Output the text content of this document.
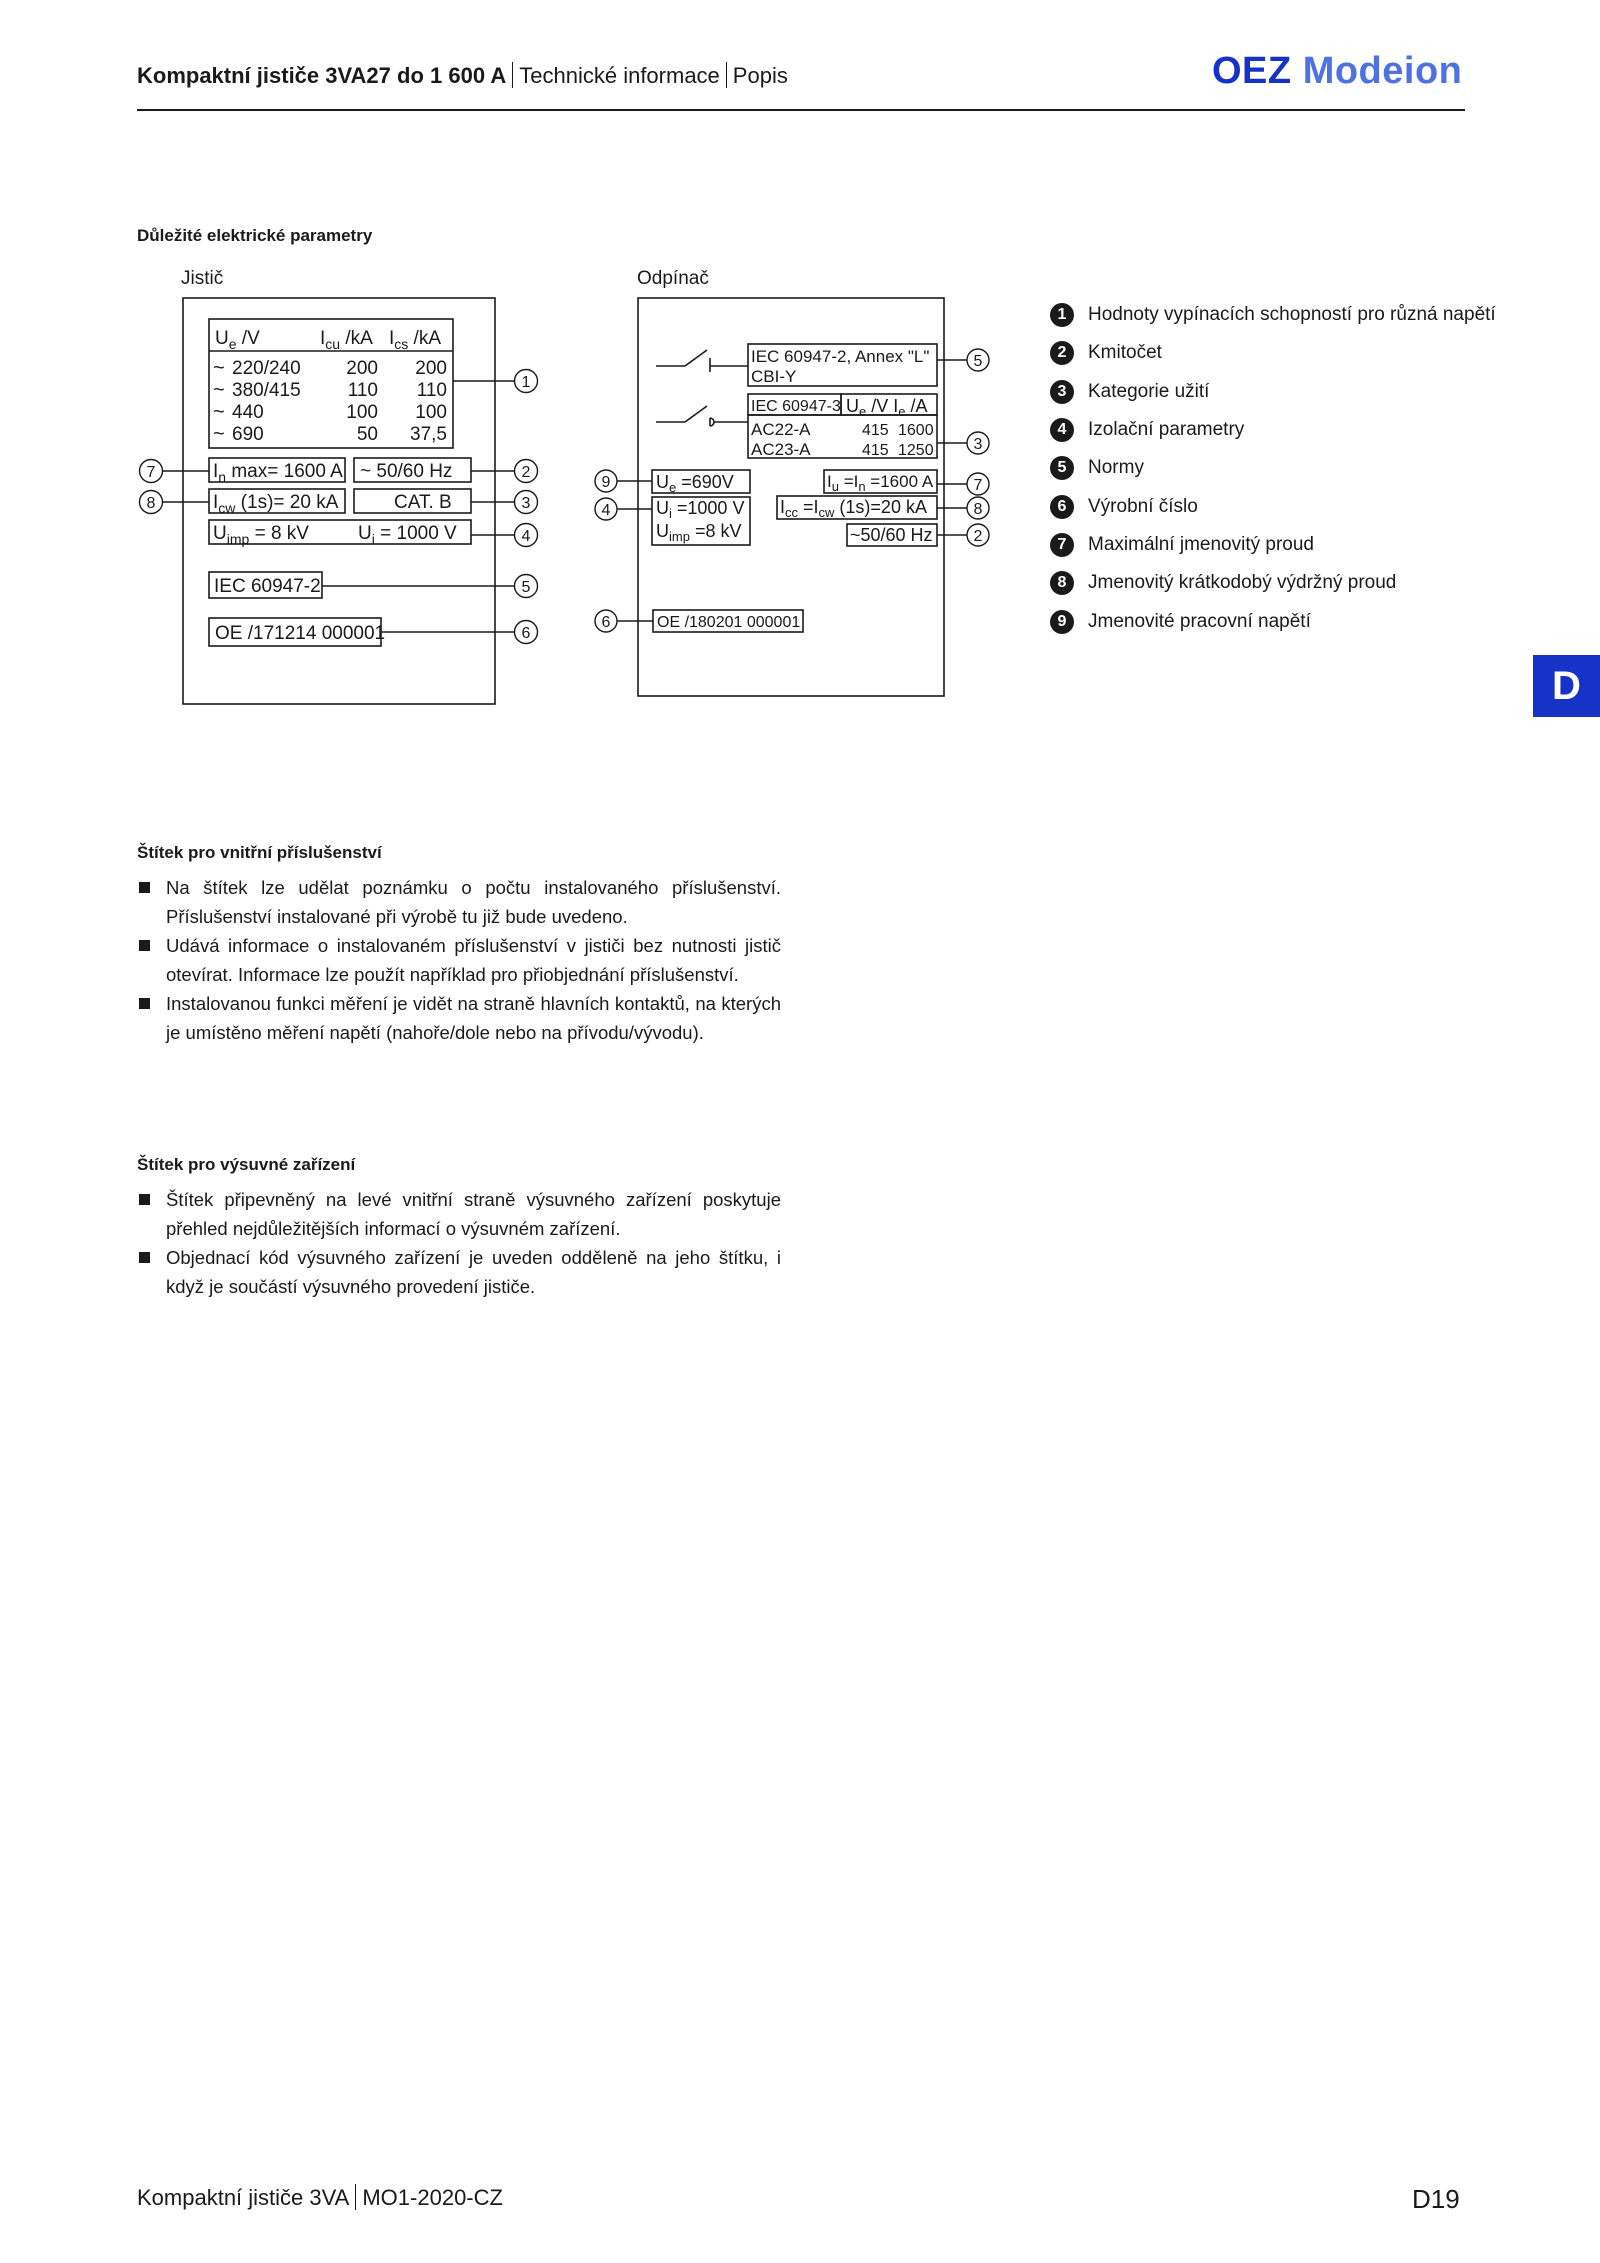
Kompaktní jističe 3VA27 do 1 600 A Technické informace Popis	OEZ Modeion
Důležité elektrické parametry
Jistič	Odpínač
1
2
3
4
5
6
7
8
5
3
7
8
2
9
4
6
$U_e$ /V	$I_{cu}$ /kA $I_{cs}$ /kA
~ 220/240 200 200
~ 380/415 110 110
~ 440	100 100
~ 690	50 37,5
$I_n$ max= 1600 A ~ 50/60 Hz
$I_{cw}$ (1s)= 20 kA	CAT. B
$U_{imp} = 8$ kV	$U_i = 1000$ V
IEC 60947-2
OE /171214 000001
IEC 60947-2, Annex "L"
CBI-Y
IEC 60947-3 $U_e$ /V $I_e$ /A
AC22-A	415 1600
AC23-A	415 1250
$U_e =690V$	$I_u =I_n =1600$ A
$U_i =1000$ V
$U_{imp} =8$ kV
$I_{cc} =I_{cw}$ (1s)=20 kA
~50/60 Hz
OE /180201 000001
1	Hodnoty vypínacích schopností pro různá napětí
2	Kmitočet
3	Kategorie užití
4	Izolační parametry
5	Normy
6	Výrobní číslo
7	Maximální jmenovitý proud
8	Jmenovitý krátkodobý výdržný proud
9	Jmenovité pracovní napětí
D
Štítek pro vnitřní příslušenství
Na štítek lze udělat poznámku o počtu instalovaného příslušenství. Příslušenství instalované při výrobě tu již bude uvedeno.
Udává informace o instalovaném příslušenství v jističi bez nutnosti jistič otevírat. Informace lze použít například pro přiobjednání příslušenství.
Instalovanou funkci měření je vidět na straně hlavních kontaktů, na kterých je umístěno měření napětí (nahoře/dole nebo na přívodu/vývodu).
Štítek pro výsuvné zařízení
Štítek připevněný na levé vnitřní straně výsuvného zařízení poskytuje přehled nejdůležitějších informací o výsuvném zařízení.
Objednací kód výsuvného zařízení je uveden odděleně na jeho štítku, i když je součástí výsuvného provedení jističe.
Kompaktní jističe 3VA MO1-2020-CZ	D19
